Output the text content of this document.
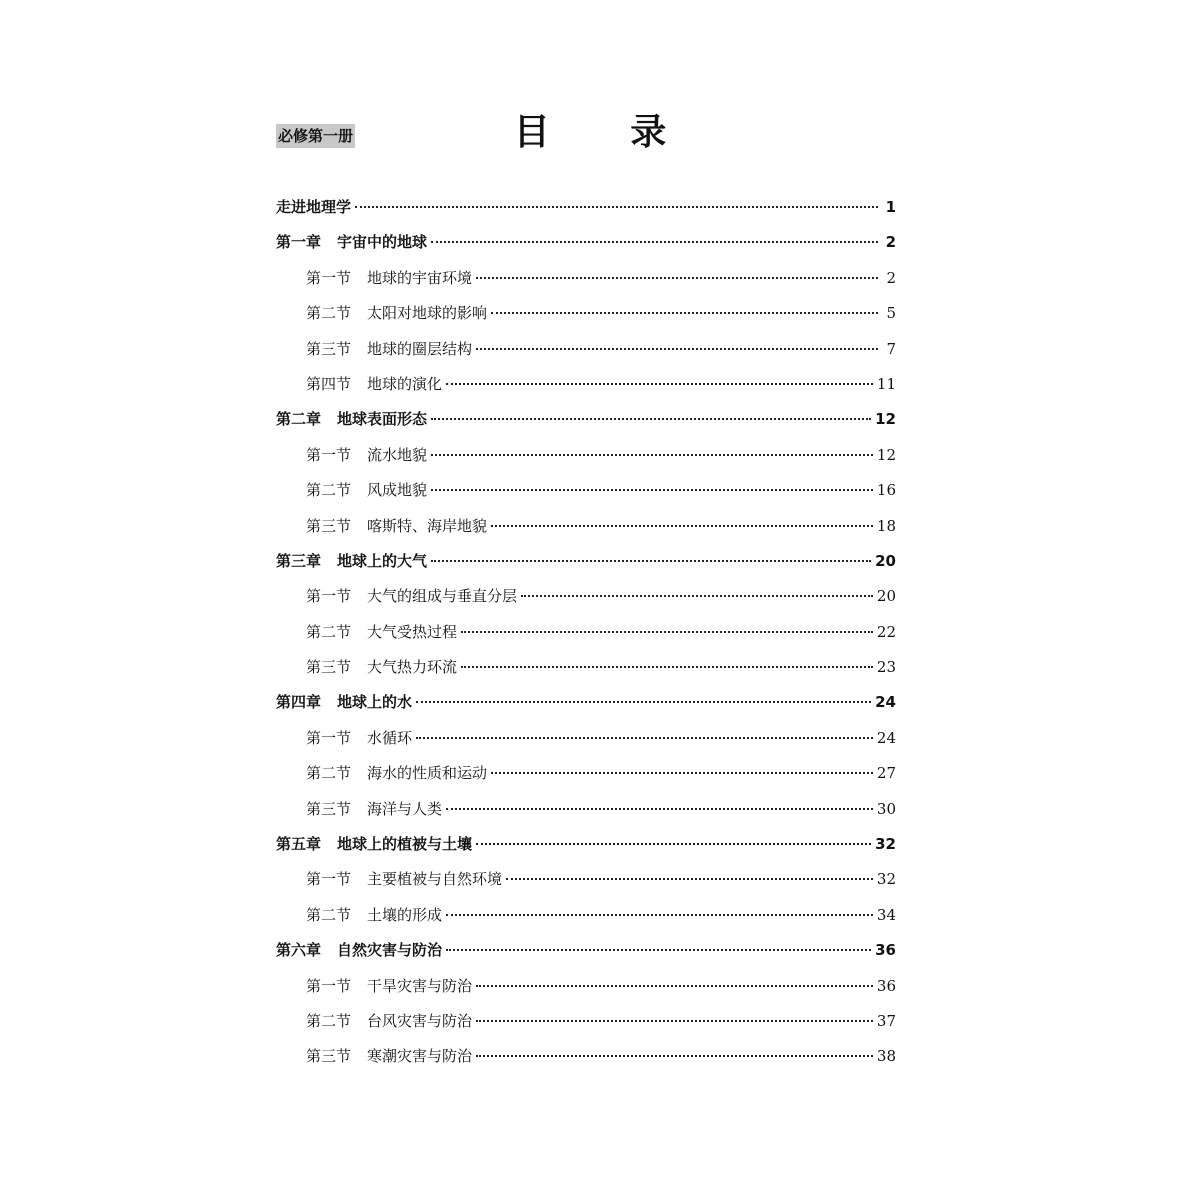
目 录
必修第一册
走进地理学	1
第一章 宇宙中的地球	2
第一节 地球的宇宙环境	2
第二节 太阳对地球的影响	5
第三节 地球的圈层结构	7
第四节 地球的演化	11
第二章 地球表面形态	12
第一节 流水地貌	12
第二节 风成地貌	16
第三节 喀斯特、海岸地貌	18
第三章 地球上的大气	20
第一节 大气的组成与垂直分层	20
第二节 大气受热过程	22
第三节 大气热力环流	23
第四章 地球上的水	24
第一节 水循环	24
第二节 海水的性质和运动	27
第三节 海洋与人类	30
第五章 地球上的植被与土壤	32
第一节 主要植被与自然环境	32
第二节 土壤的形成	34
第六章 自然灾害与防治	36
第一节 干旱灾害与防治	36
第二节 台风灾害与防治	37
第三节 寒潮灾害与防治	38
